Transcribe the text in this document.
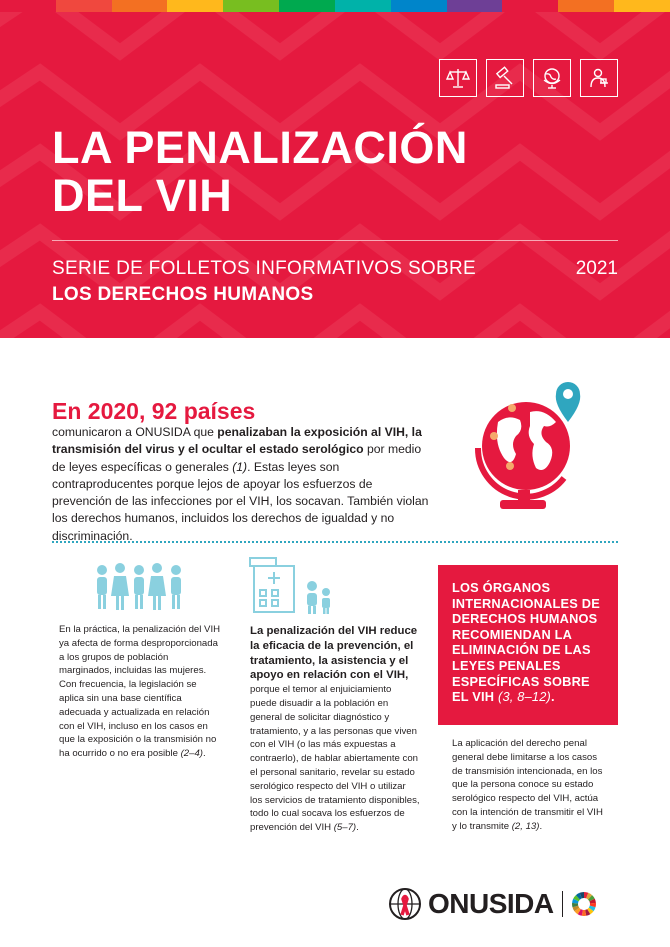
LA PENALIZACIÓN
DEL VIH
SERIE DE FOLLETOS INFORMATIVOS SOBRE	2021
LOS DERECHOS HUMANOS
En 2020, 92 países
comunicaron a ONUSIDA que penalizaban la exposición al VIH, la transmisión del virus y el ocultar el estado serológico por medio de leyes específicas o generales (1). Estas leyes son contraproducentes porque lejos de apoyar los esfuerzos de prevención de las infecciones por el VIH, los socavan. También violan los derechos humanos, incluidos los derechos de igualdad y no discriminación.
En la práctica, la penalización del VIH ya afecta de forma desproporcionada a los grupos de población marginados, incluidas las mujeres. Con frecuencia, la legislación se aplica sin una base científica adecuada y actualizada en relación con el VIH, incluso en los casos en que la exposición o la transmisión no ha ocurrido o no era posible (2–4).
La penalización del VIH reduce la eficacia de la prevención, el tratamiento, la asistencia y el apoyo en relación con el VIH, porque el temor al enjuiciamiento puede disuadir a la población en general de solicitar diagnóstico y tratamiento, y a las personas que viven con el VIH (o las más expuestas a contraerlo), de hablar abiertamente con el personal sanitario, revelar su estado serológico respecto del VIH o utilizar los servicios de tratamiento disponibles, todo lo cual socava los esfuerzos de prevención del VIH (5–7).
LOS ÓRGANOS INTERNACIONALES DE DERECHOS HUMANOS RECOMIENDAN LA ELIMINACIÓN DE LAS LEYES PENALES ESPECÍFICAS SOBRE EL VIH (3, 8–12).
La aplicación del derecho penal general debe limitarse a los casos de transmisión intencionada, en los que la persona conoce su estado serológico respecto del VIH, actúa con la intención de transmitir el VIH y lo transmite (2, 13).
ONUSIDA
